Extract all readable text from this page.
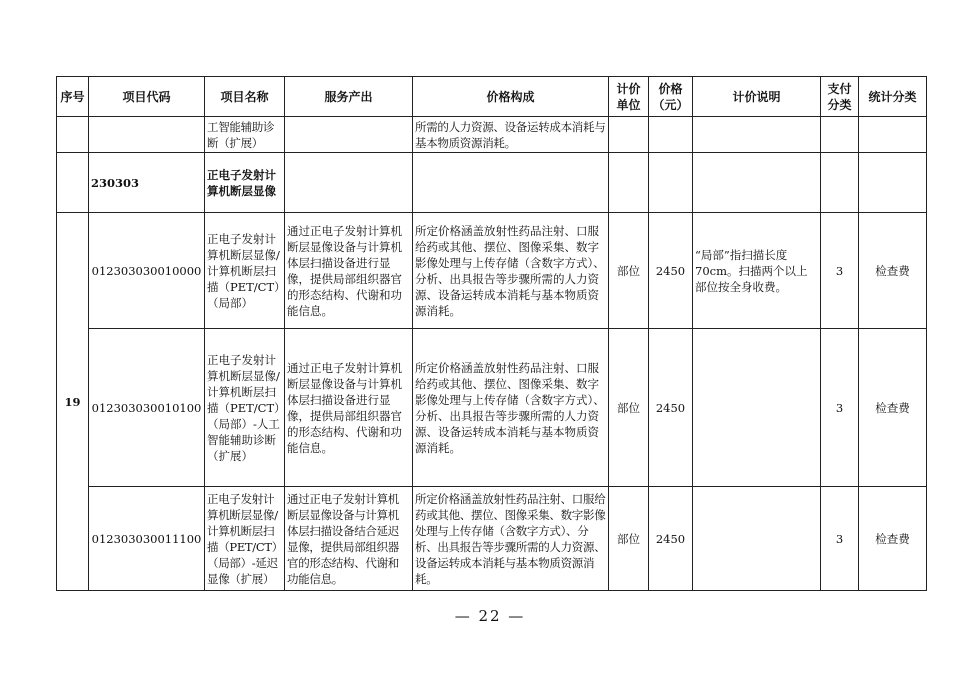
序号	项目代码	项目名称	服务产出	价格构成	计价单位	价格（元）	计价说明	支付分类	统计分类
		工智能辅助诊断（扩展）		所需的人力资源、设备运转成本消耗与基本物质资源消耗。					
	230303	正电子发射计算机断层显像							
19	012303030010000	正电子发射计算机断层显像/计算机断层扫描（PET/CT）（局部）	通过正电子发射计算机断层显像设备与计算机体层扫描设备进行显像，提供局部组织器官的形态结构、代谢和功能信息。	所定价格涵盖放射性药品注射、口服给药或其他、摆位、图像采集、数字影像处理与上传存储（含数字方式）、分析、出具报告等步骤所需的人力资源、设备运转成本消耗与基本物质资源消耗。	部位	2450	“局部”指扫描长度70cm。扫描两个以上部位按全身收费。	3	检查费
	012303030010100	正电子发射计算机断层显像/计算机断层扫描（PET/CT）（局部）-人工智能辅助诊断（扩展）	通过正电子发射计算机断层显像设备与计算机体层扫描设备进行显像，提供局部组织器官的形态结构、代谢和功能信息。	所定价格涵盖放射性药品注射、口服给药或其他、摆位、图像采集、数字影像处理与上传存储（含数字方式）、分析、出具报告等步骤所需的人力资源、设备运转成本消耗与基本物质资源消耗。	部位	2450		3	检查费
	012303030011100	正电子发射计算机断层显像/计算机断层扫描（PET/CT）（局部）-延迟显像（扩展）	通过正电子发射计算机断层显像设备与计算机体层扫描设备结合延迟显像，提供局部组织器官的形态结构、代谢和功能信息。	所定价格涵盖放射性药品注射、口服给药或其他、摆位、图像采集、数字影像处理与上传存储（含数字方式）、分析、出具报告等步骤所需的人力资源、设备运转成本消耗与基本物质资源消耗。	部位	2450		3	检查费
— 22 —
